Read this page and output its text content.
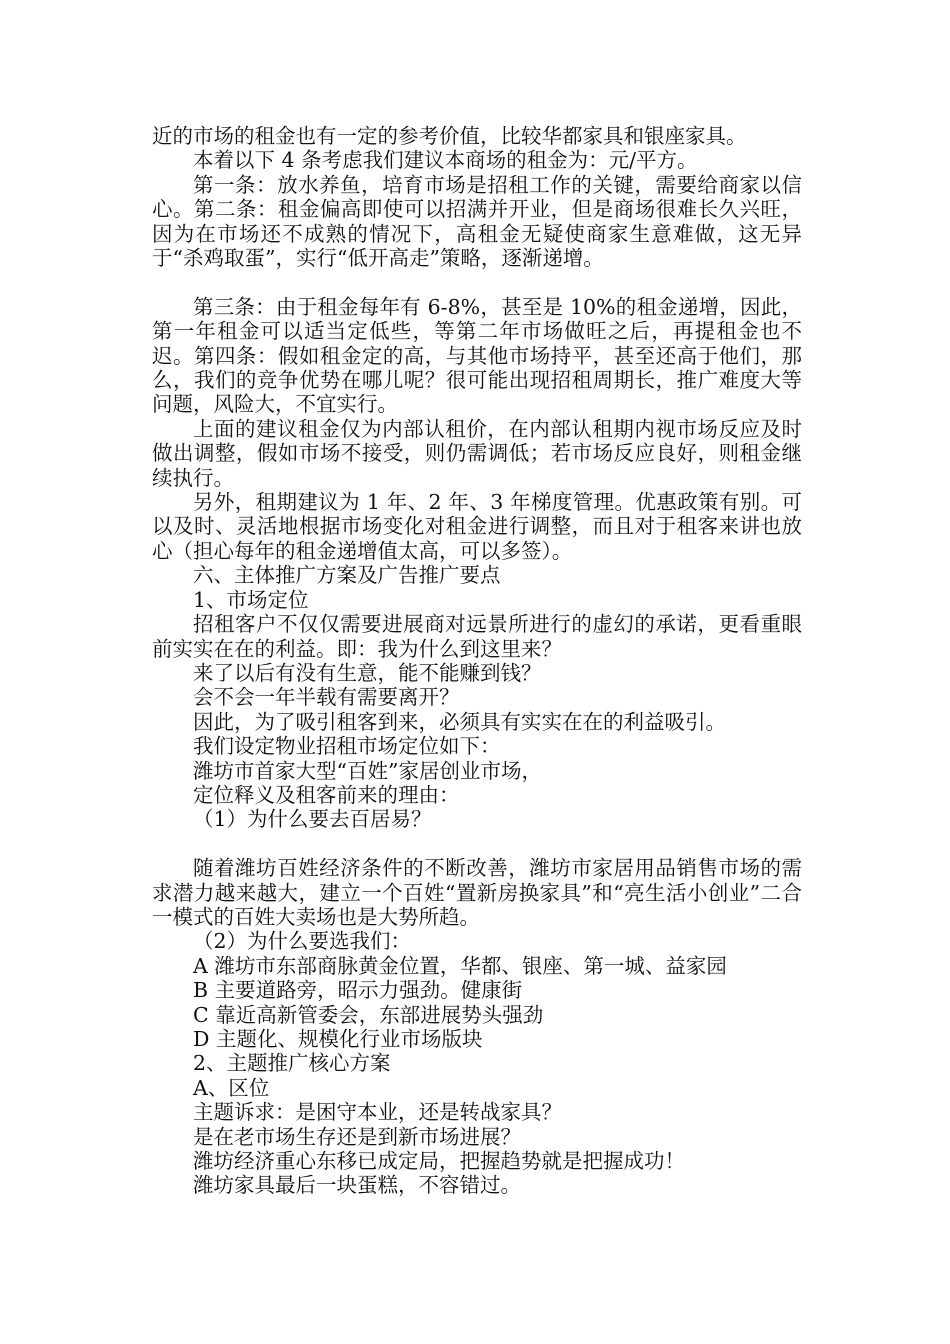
近的市场的租金也有一定的参考价值，比较华都家具和银座家具。

本着以下 4 条考虑我们建议本商场的租金为：元/平方。

第一条：放水养鱼，培育市场是招租工作的关键，需要给商家以信心。第二条：租金偏高即使可以招满并开业，但是商场很难长久兴旺，因为在市场还不成熟的情况下，高租金无疑使商家生意难做，这无异于“杀鸡取蛋”，实行“低开高走”策略，逐渐递增。

第三条：由于租金每年有 6-8%，甚至是 10%的租金递增，因此，第一年租金可以适当定低些，等第二年市场做旺之后，再提租金也不迟。第四条：假如租金定的高，与其他市场持平，甚至还高于他们，那么，我们的竞争优势在哪儿呢？很可能出现招租周期长，推广难度大等问题，风险大，不宜实行。

上面的建议租金仅为内部认租价，在内部认租期内视市场反应及时做出调整，假如市场不接受，则仍需调低；若市场反应良好，则租金继续执行。

另外，租期建议为 1 年、2 年、3 年梯度管理。优惠政策有别。可以及时、灵活地根据市场变化对租金进行调整，而且对于租客来讲也放心（担心每年的租金递增值太高，可以多签）。

六、主体推广方案及广告推广要点

1、市场定位

招租客户不仅仅需要进展商对远景所进行的虚幻的承诺，更看重眼前实实在在的利益。即：我为什么到这里来？

来了以后有没有生意，能不能赚到钱？

会不会一年半载有需要离开？

因此，为了吸引租客到来，必须具有实实在在的利益吸引。

我们设定物业招租市场定位如下：

潍坊市首家大型“百姓”家居创业市场，

定位释义及租客前来的理由：

（1）为什么要去百居易？

随着潍坊百姓经济条件的不断改善，潍坊市家居用品销售市场的需求潜力越来越大，建立一个百姓“置新房换家具”和“亮生活小创业”二合一模式的百姓大卖场也是大势所趋。

（2）为什么要选我们：

A 潍坊市东部商脉黄金位置，华都、银座、第一城、益家园

B 主要道路旁，昭示力强劲。健康街

C 靠近高新管委会，东部进展势头强劲

D 主题化、规模化行业市场版块

2、主题推广核心方案

A、区位

主题诉求：是困守本业，还是转战家具？

是在老市场生存还是到新市场进展？

潍坊经济重心东移已成定局，把握趋势就是把握成功！

潍坊家具最后一块蛋糕，不容错过。
